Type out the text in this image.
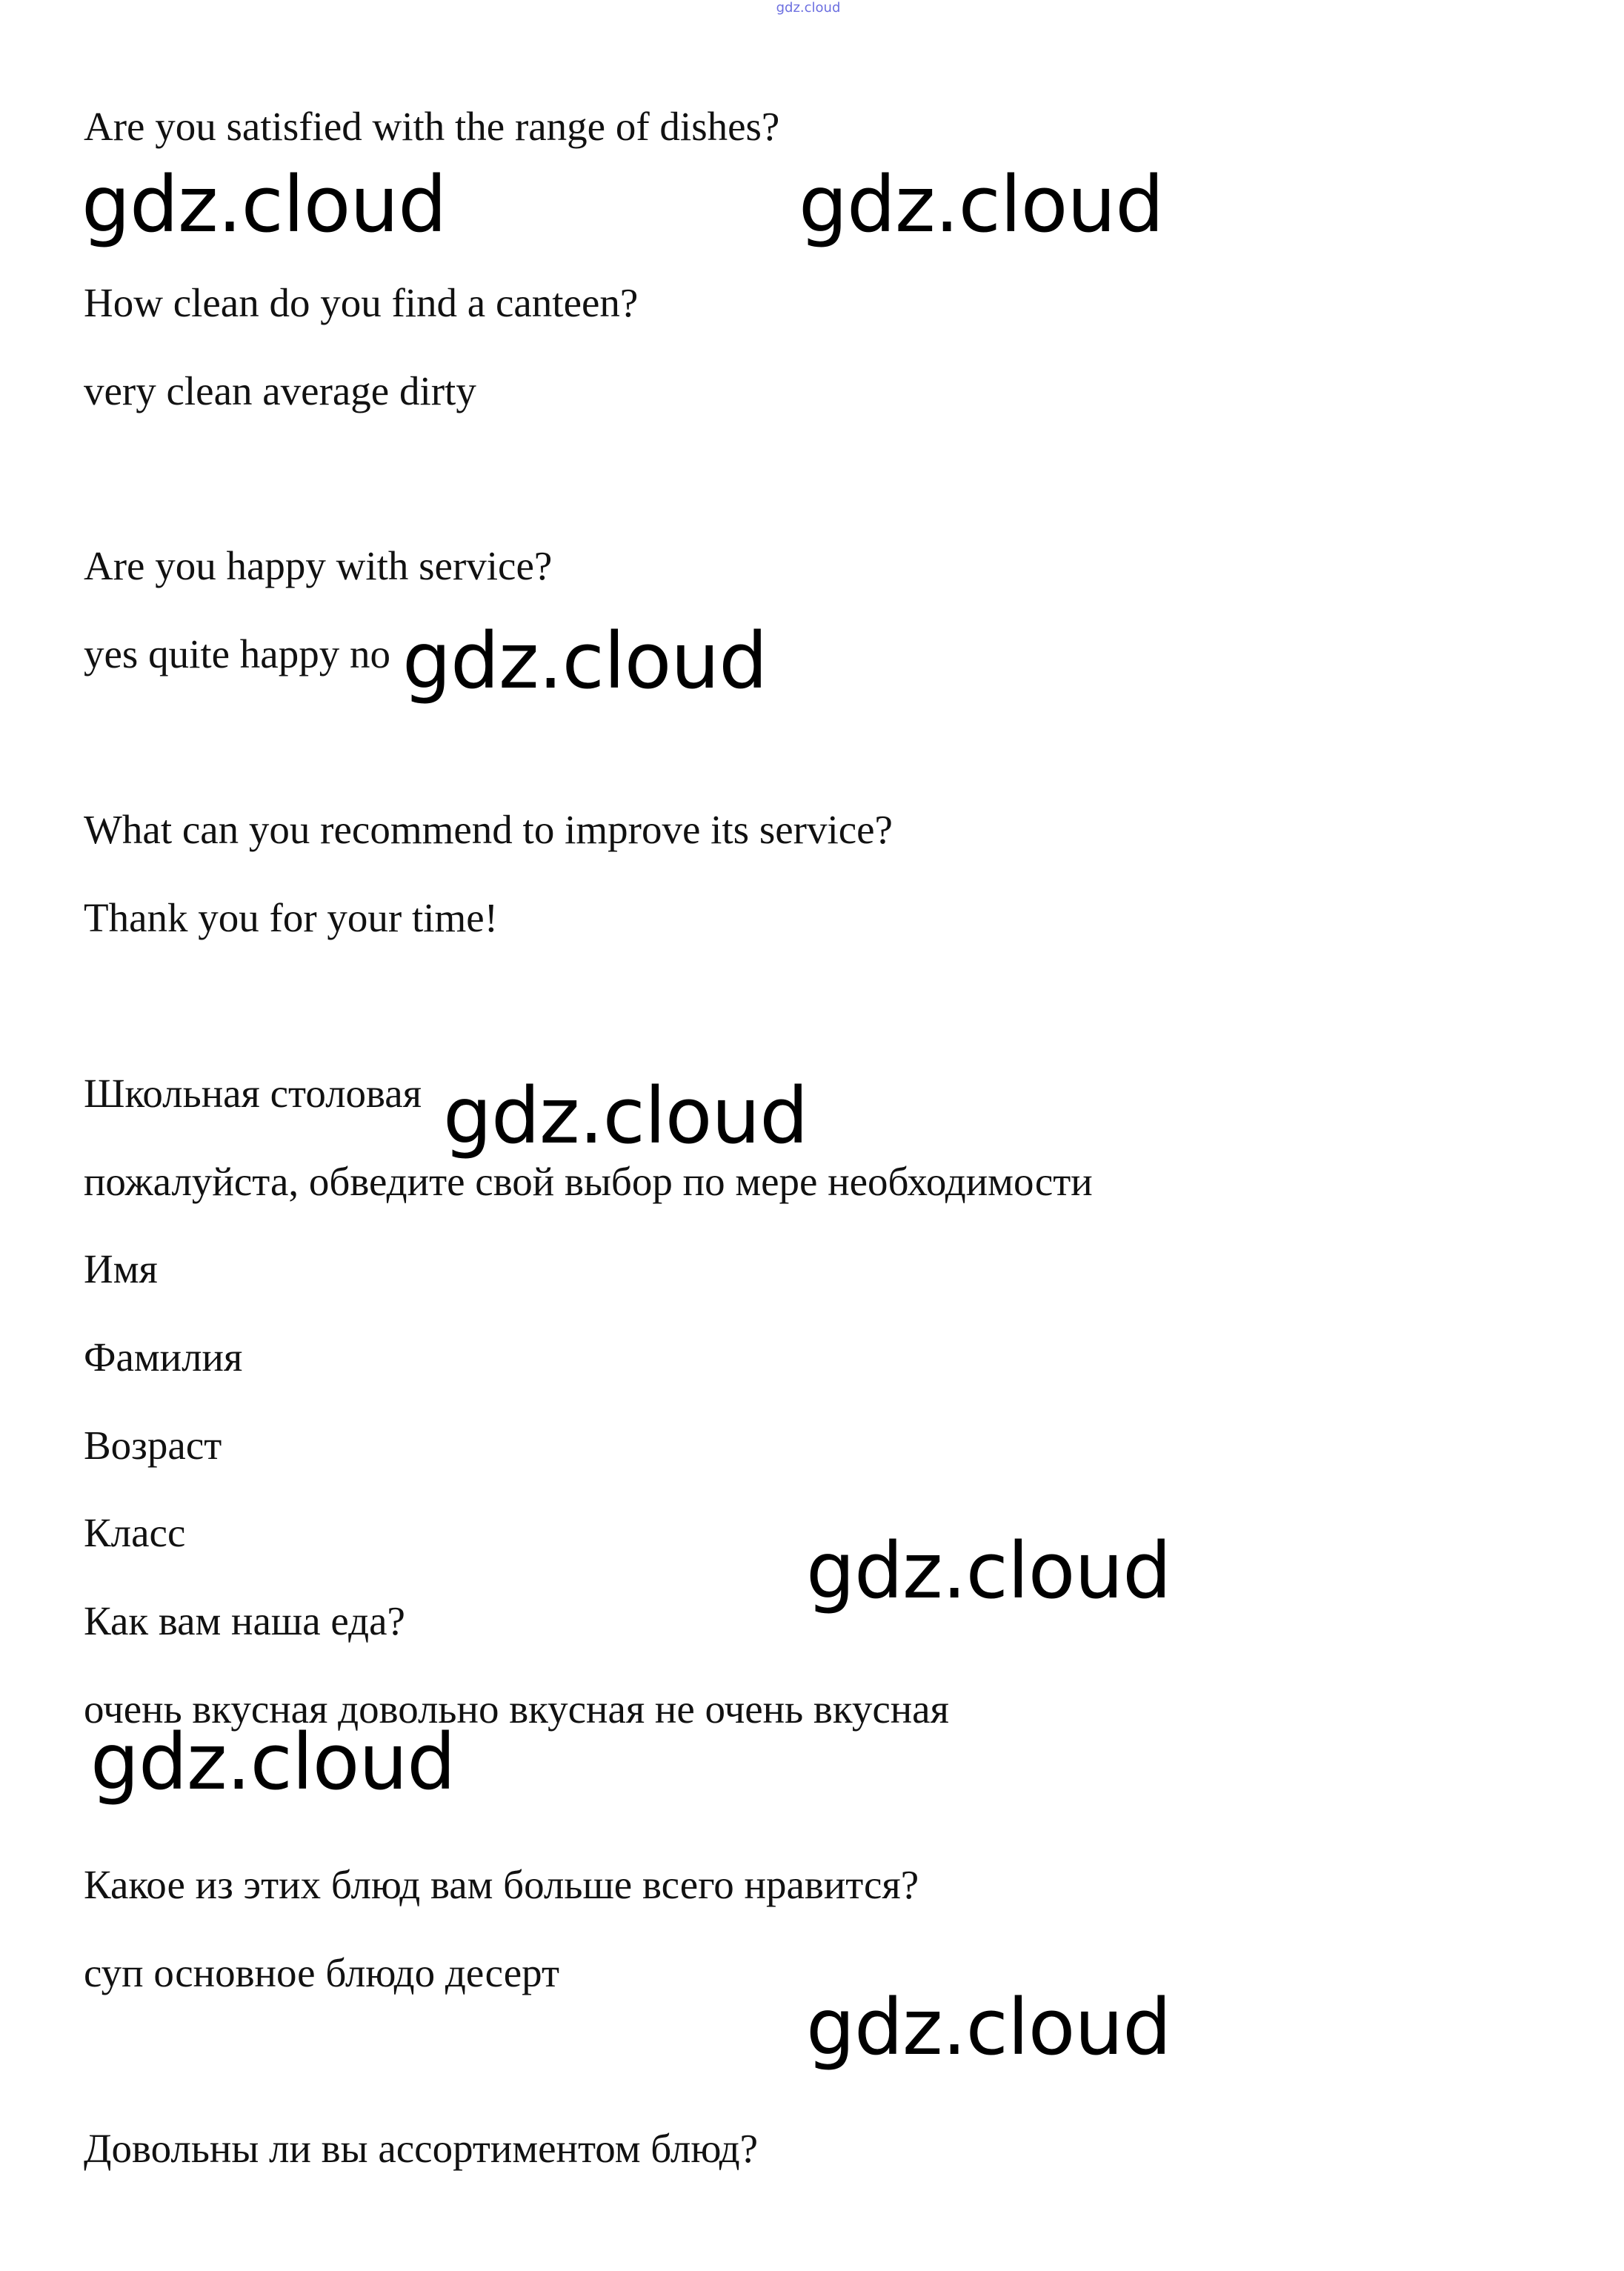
gdz.cloud
Are you satisfied with the range of dishes?
How clean do you find a canteen?
very clean average dirty
Are you happy with service?
yes quite happy no
What can you recommend to improve its service?
Thank you for your time!
Школьная столовая
пожалуйста, обведите свой выбор по мере необходимости
Имя
Фамилия
Возраст
Класс
Как вам наша еда?
очень вкусная довольно вкусная не очень вкусная
Какое из этих блюд вам больше всего нравится?
суп основное блюдо десерт
Довольны ли вы ассортиментом блюд?
gdz.cloud	gdz.cloud
gdz.cloud
gdz.cloud
gdz.cloud
gdz.cloud
gdz.cloud
